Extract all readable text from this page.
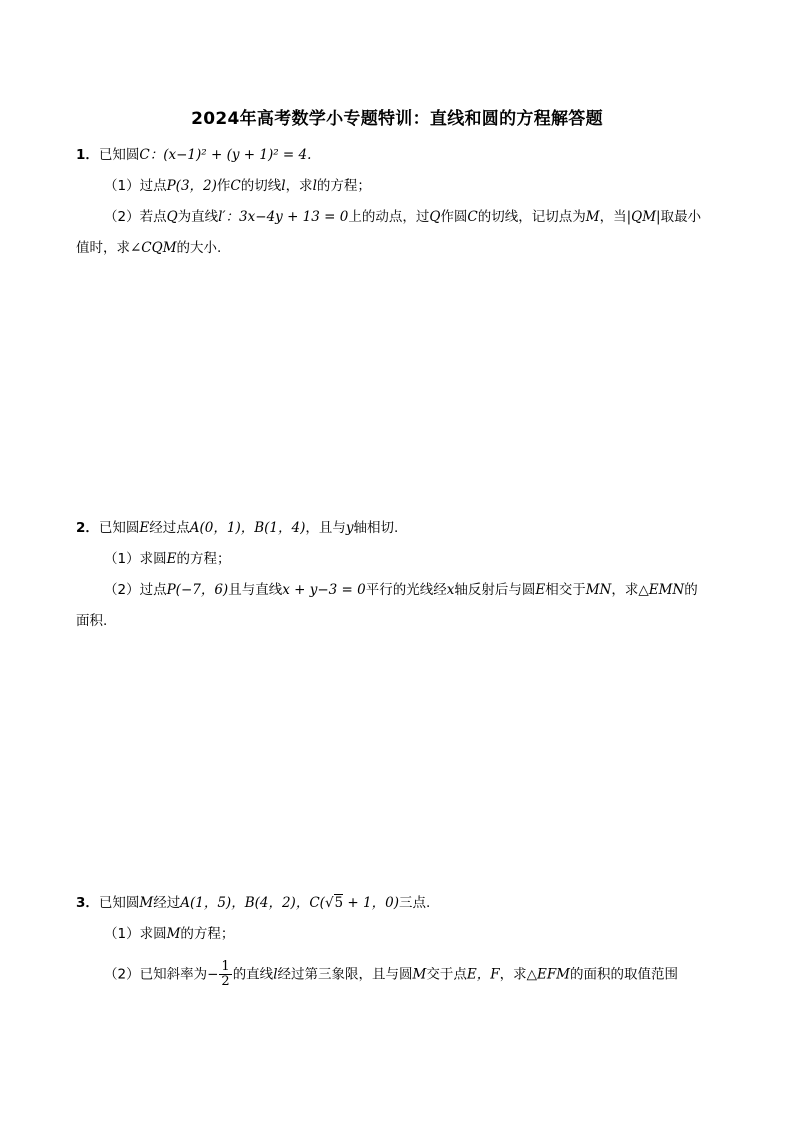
2024年高考数学小专题特训：直线和圆的方程解答题
1．已知圆C：(x−1)² + (y + 1)² = 4.
（1）过点P(3，2)作C的切线l，求l的方程；
（2）若点Q为直线l′：3x−4y + 13 = 0上的动点，过Q作圆C的切线，记切点为M，当|QM|取最小
值时，求∠CQM的大小.
2．已知圆E经过点A(0，1)，B(1，4)，且与y轴相切.
（1）求圆E的方程；
（2）过点P(−7，6)且与直线x + y−3 = 0平行的光线经x轴反射后与圆E相交于MN，求△EMN的
面积.
3．已知圆M经过A(1，5)，B(4，2)，C(√5 + 1，0)三点.
（1）求圆M的方程；
（2）已知斜率为− $\frac{1}{2}$ 的直线l经过第三象限，且与圆M交于点E，F，求△EFM的面积的取值范围
